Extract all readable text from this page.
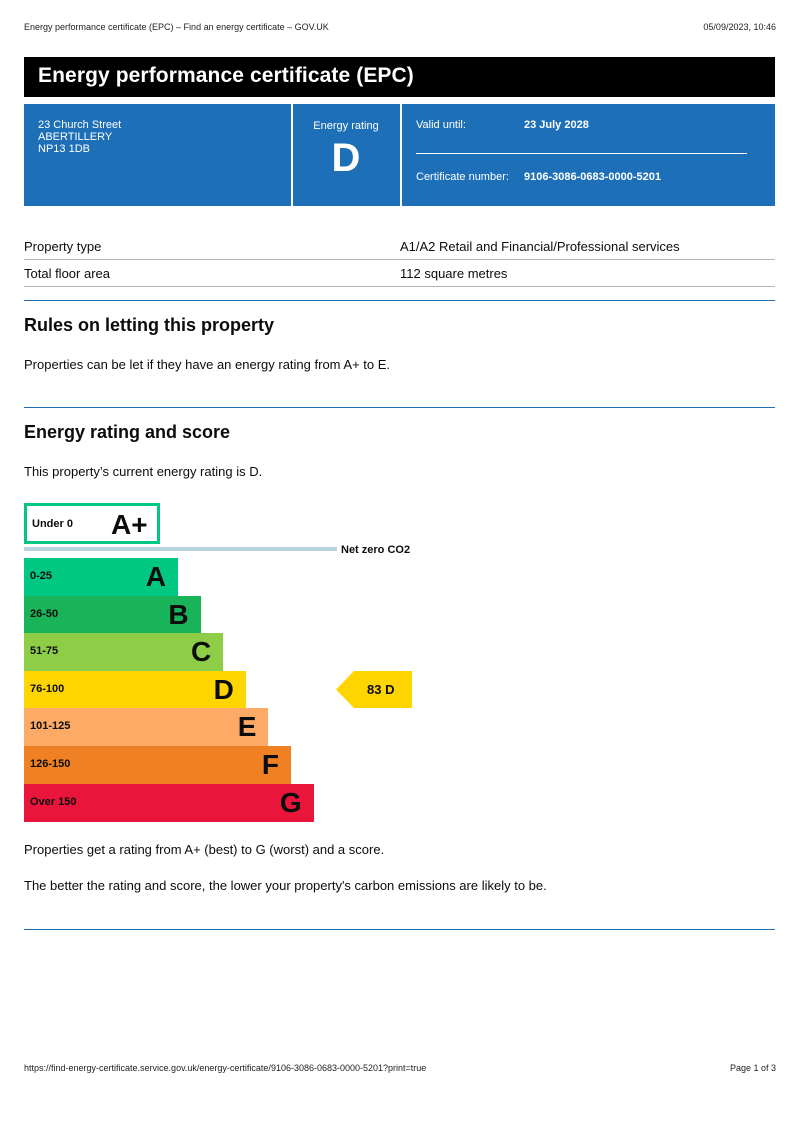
Energy performance certificate (EPC) – Find an energy certificate – GOV.UK	05/09/2023, 10:46
Energy performance certificate (EPC)
23 Church Street
ABERTILLERY
NP13 1DB
Energy rating
D
Valid until:	23 July 2028
Certificate number: 9106-3086-0683-0000-5201
Property type	A1/A2 Retail and Financial/Professional services
Total floor area	112 square metres
Rules on letting this property

Properties can be let if they have an energy rating from A+ to E.

Energy rating and score

This property’s current energy rating is D.

Under 0 A+
Net zero CO2
0-25	A
26-50	B
51-75	C
76-100	D
101-125	E
126-150	F
Over 150	G
83 D

Properties get a rating from A+ (best) to G (worst) and a score.

The better the rating and score, the lower your property's carbon emissions are likely to be.

https://find-energy-certificate.service.gov.uk/energy-certificate/9106-3086-0683-0000-5201?print=true	Page 1 of 3
